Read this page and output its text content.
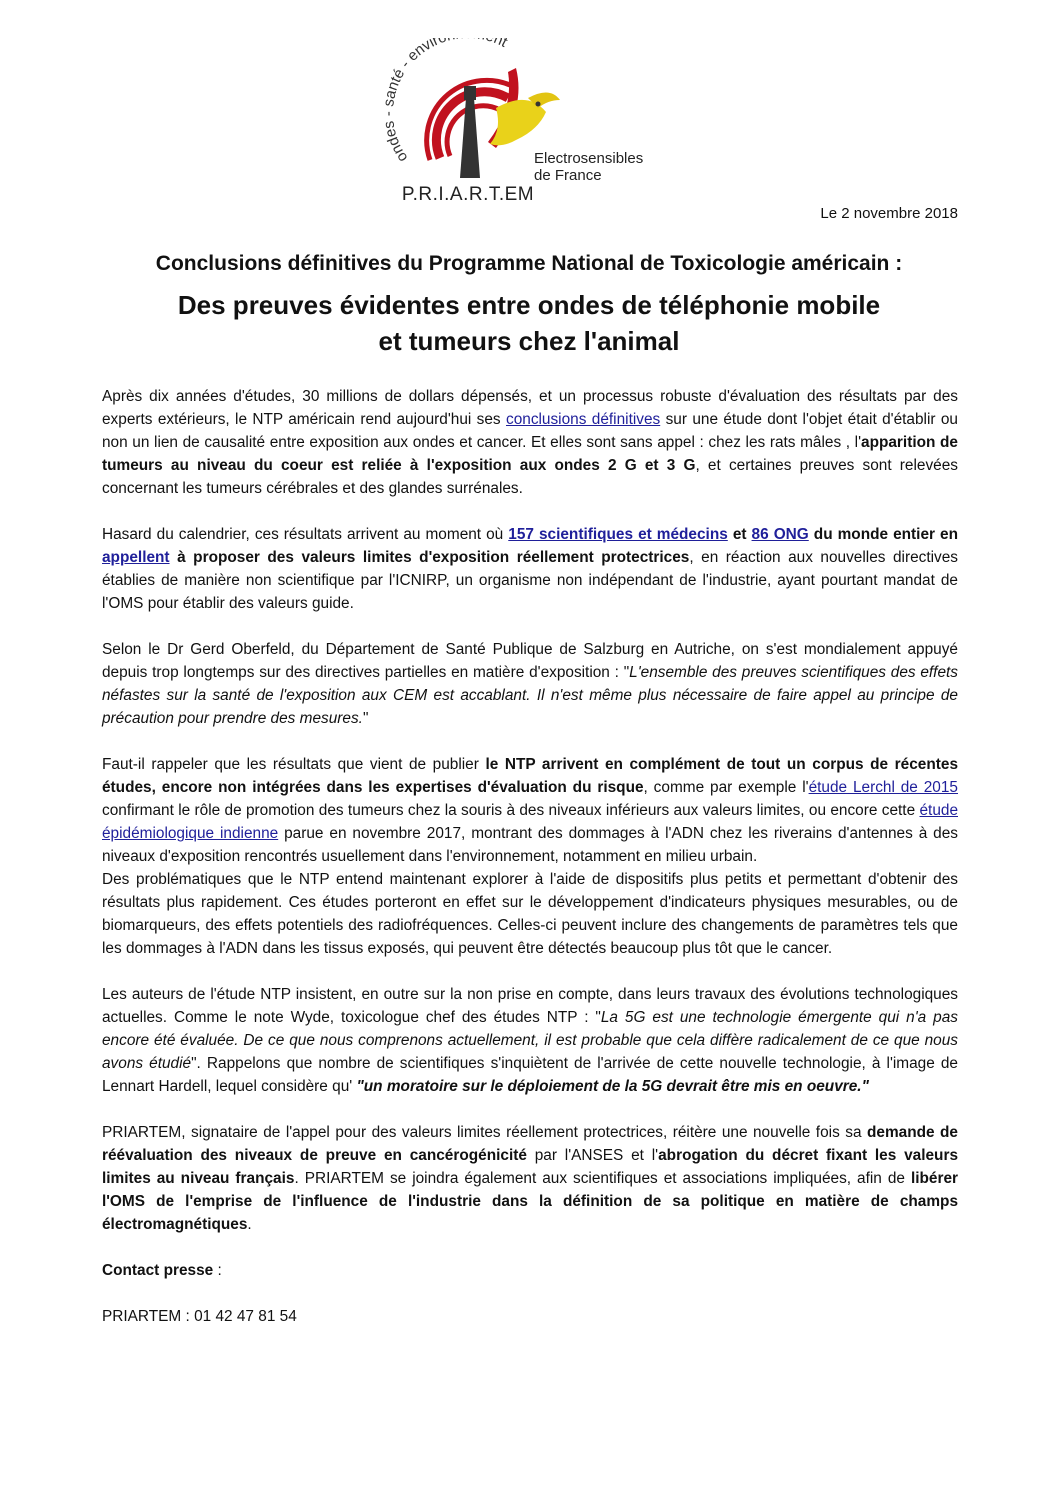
ondes - santé - envir nt
P.R.I.A.R.T.EM
Electrosensibles
de France
Le 2 novembre 2018
Conclusions définitives du Programme National de Toxicologie américain :
Des preuves évidentes entre ondes de téléphonie mobile
et tumeurs chez l'animal

Après dix années d'études, 30 millions de dollars dépensés, et un processus robuste d'évaluation des résultats par des experts extérieurs, le NTP américain rend aujourd'hui ses conclusions définitives sur une étude dont l'objet était d'établir ou non un lien de causalité entre exposition aux ondes et cancer. Et elles sont sans appel : chez les rats mâles , l'apparition de tumeurs au niveau du coeur est reliée à l'exposition aux ondes 2 G et 3 G, et certaines preuves sont relevées concernant les tumeurs cérébrales et des glandes surrénales.

Hasard du calendrier, ces résultats arrivent au moment où 157 scientifiques et médecins et 86 ONG du monde entier en appellent à proposer des valeurs limites d'exposition réellement protectrices, en réaction aux nouvelles directives établies de manière non scientifique par l'ICNIRP, un organisme non indépendant de l'industrie, ayant pourtant mandat de l'OMS pour établir des valeurs guide.

Selon le Dr Gerd Oberfeld, du Département de Santé Publique de Salzburg en Autriche, on s'est mondialement appuyé depuis trop longtemps sur des directives partielles en matière d'exposition : "L'ensemble des preuves scientifiques des effets néfastes sur la santé de l'exposition aux CEM est accablant. Il n'est même plus nécessaire de faire appel au principe de précaution pour prendre des mesures."

Faut-il rappeler que les résultats que vient de publier le NTP arrivent en complément de tout un corpus de récentes études, encore non intégrées dans les expertises d'évaluation du risque, comme par exemple l'étude Lerchl de 2015 confirmant le rôle de promotion des tumeurs chez la souris à des niveaux inférieurs aux valeurs limites, ou encore cette étude épidémiologique indienne parue en novembre 2017, montrant des dommages à l'ADN chez les riverains d'antennes à des niveaux d'exposition rencontrés usuellement dans l'environnement, notamment en milieu urbain.

Des problématiques que le NTP entend maintenant explorer à l'aide de dispositifs plus petits et permettant d'obtenir des résultats plus rapidement. Ces études porteront en effet sur le développement d'indicateurs physiques mesurables, ou de biomarqueurs, des effets potentiels des radiofréquences. Celles-ci peuvent inclure des changements de paramètres tels que les dommages à l'ADN dans les tissus exposés, qui peuvent être détectés beaucoup plus tôt que le cancer.

Les auteurs de l'étude NTP insistent, en outre sur la non prise en compte, dans leurs travaux des évolutions technologiques actuelles. Comme le note Wyde, toxicologue chef des études NTP : "La 5G est une technologie émergente qui n'a pas encore été évaluée. De ce que nous comprenons actuellement, il est probable que cela diffère radicalement de ce que nous avons étudié". Rappelons que nombre de scientifiques s'inquiètent de l'arrivée de cette nouvelle technologie, à l'image de Lennart Hardell, lequel considère qu' "un moratoire sur le déploiement de la 5G devrait être mis en oeuvre."

PRIARTEM, signataire de l'appel pour des valeurs limites réellement protectrices, réitère une nouvelle fois sa demande de réévaluation des niveaux de preuve en cancérogénicité par l'ANSES et l'abrogation du décret fixant les valeurs limites au niveau français. PRIARTEM se joindra également aux scientifiques et associations impliquées, afin de libérer l'OMS de l'emprise de l'influence de l'industrie dans la définition de sa politique en matière de champs électromagnétiques.

Contact presse :

PRIARTEM : 01 42 47 81 54
